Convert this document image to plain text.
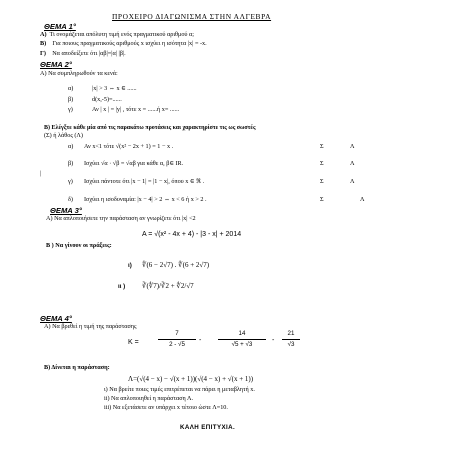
ΠΡΟΧΕΙΡΟ ΔΙΑΓΩΝΙΣΜΑ ΣΤΗΝ ΑΛΓΕΒΡΑ
ΘΕΜΑ 1°
Α) Τι ονομάζεται απόλυτη τιμή ενός πραγματικού αριθμού α;
Β) Για ποιους πραγματικούς αριθμούς x ισχύει η ισότητα |x| = -x.
Γ) Να αποδείξετε ότι |αβ|=|α| |β|.
ΘΕΜΑ 2°
Α) Να συμπληρωθούν τα κενά:
α)	|x| > 3 ⇔ x ∈ ......
β)	d(x,-5)=......
γ)	Αν | x | = |y| , τότε x = ......ή x= ......
Β) Ελέγξτε κάθε μία από τις παρακάτω προτάσεις και χαρακτηρίστε τις ως σωστές
(Σ) ή λάθος (Λ)
α) Αν x<1 τότε √(x² − 2x + 1) = 1 − x .	Σ	Λ
β) Ισχύει √α · √β = √αβ για κάθε α, β∈ IR.	Σ	Λ
|
γ) Ισχύει πάντοτε ότι |x − 1| = |1 − x|, όπου x ∈ ℜ .	Σ	Λ
δ) Ισχύει η ισοδυναμία: |x − 4| > 2 ⇔ x < 6 ή x > 2 .	Σ	Λ
ΘΕΜΑ 3°
Α) Να απλοποιήσετε την παράσταση αν γνωρίζετε ότι |x| <2
A = √(x² - 4x + 4) - |3 - x| + 2014
Β ) Να γίνουν οι πράξεις:
ι) ∜(6 − 2√7) . ∜(6 + 2√7)
ιι ) ∛(∜7)/∛2 + ∜2/√7
ΘΕΜΑ 4°
Α) Να βρεθεί η τιμή της παράστασης
K =
7
2 - √5
-
14
√5 + √3
-
21
√3
Β) Δίνεται η παράσταση:
Λ=(√(4 − x) − √(x + 1))(√(4 − x) + √(x + 1))
ι) Να βρείτε ποιες τιμές επιτρέπεται να πάρει η μεταβλητή x.
ii) Να απλοποιηθεί η παράσταση Λ.
iii) Να εξετάσετε αν υπάρχει x τέτοιο ώστε Λ=10.
ΚΑΛΗ ΕΠΙΤΥΧΙΑ.
